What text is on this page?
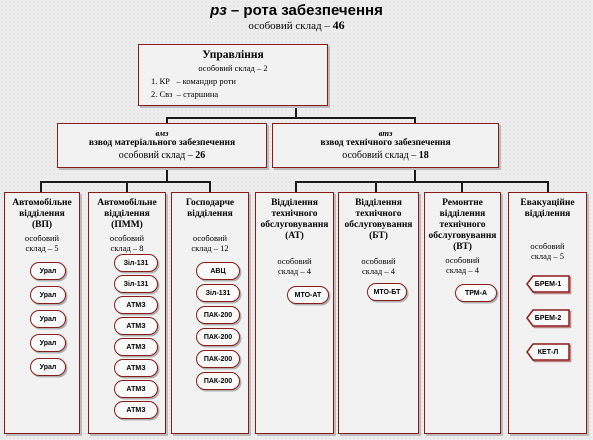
рз – рота забезпечення
особовий склад – 46
Управління
особовий склад – 2
1. КР   – командир роти
2. Свз  – старшина
вмз
взвод матеріального забезпечення
особовий склад – 26
втз
взвод технічного забезпечення
особовий склад – 18
Автомобільне
відділення
(ВП)
особовий
склад – 5
Урал
Урал
Урал
Урал
Урал
Автомобільне
відділення
(ПММ)
особовий
склад – 8
Зіл-131
Зіл-131
АТМЗ
АТМЗ
АТМЗ
АТМЗ
АТМЗ
АТМЗ
Господарче
відділення
особовий
склад – 12
АВЦ
Зіл-131
ПАК-200
ПАК-200
ПАК-200
ПАК-200
Відділення
технічного
обслуговування
(АТ)
особовий
склад – 4
МТО-АТ
Відділення
технічного
обслуговування
(БТ)
особовий
склад – 4
МТО-БТ
Ремонтне
відділення
технічного
обслуговування
(ВТ)
особовий
склад – 4
ТРМ-А
Евакуаційне
відділення
особовий
склад – 5
БРЕМ-1
БРЕМ-2
КЕТ-Л
